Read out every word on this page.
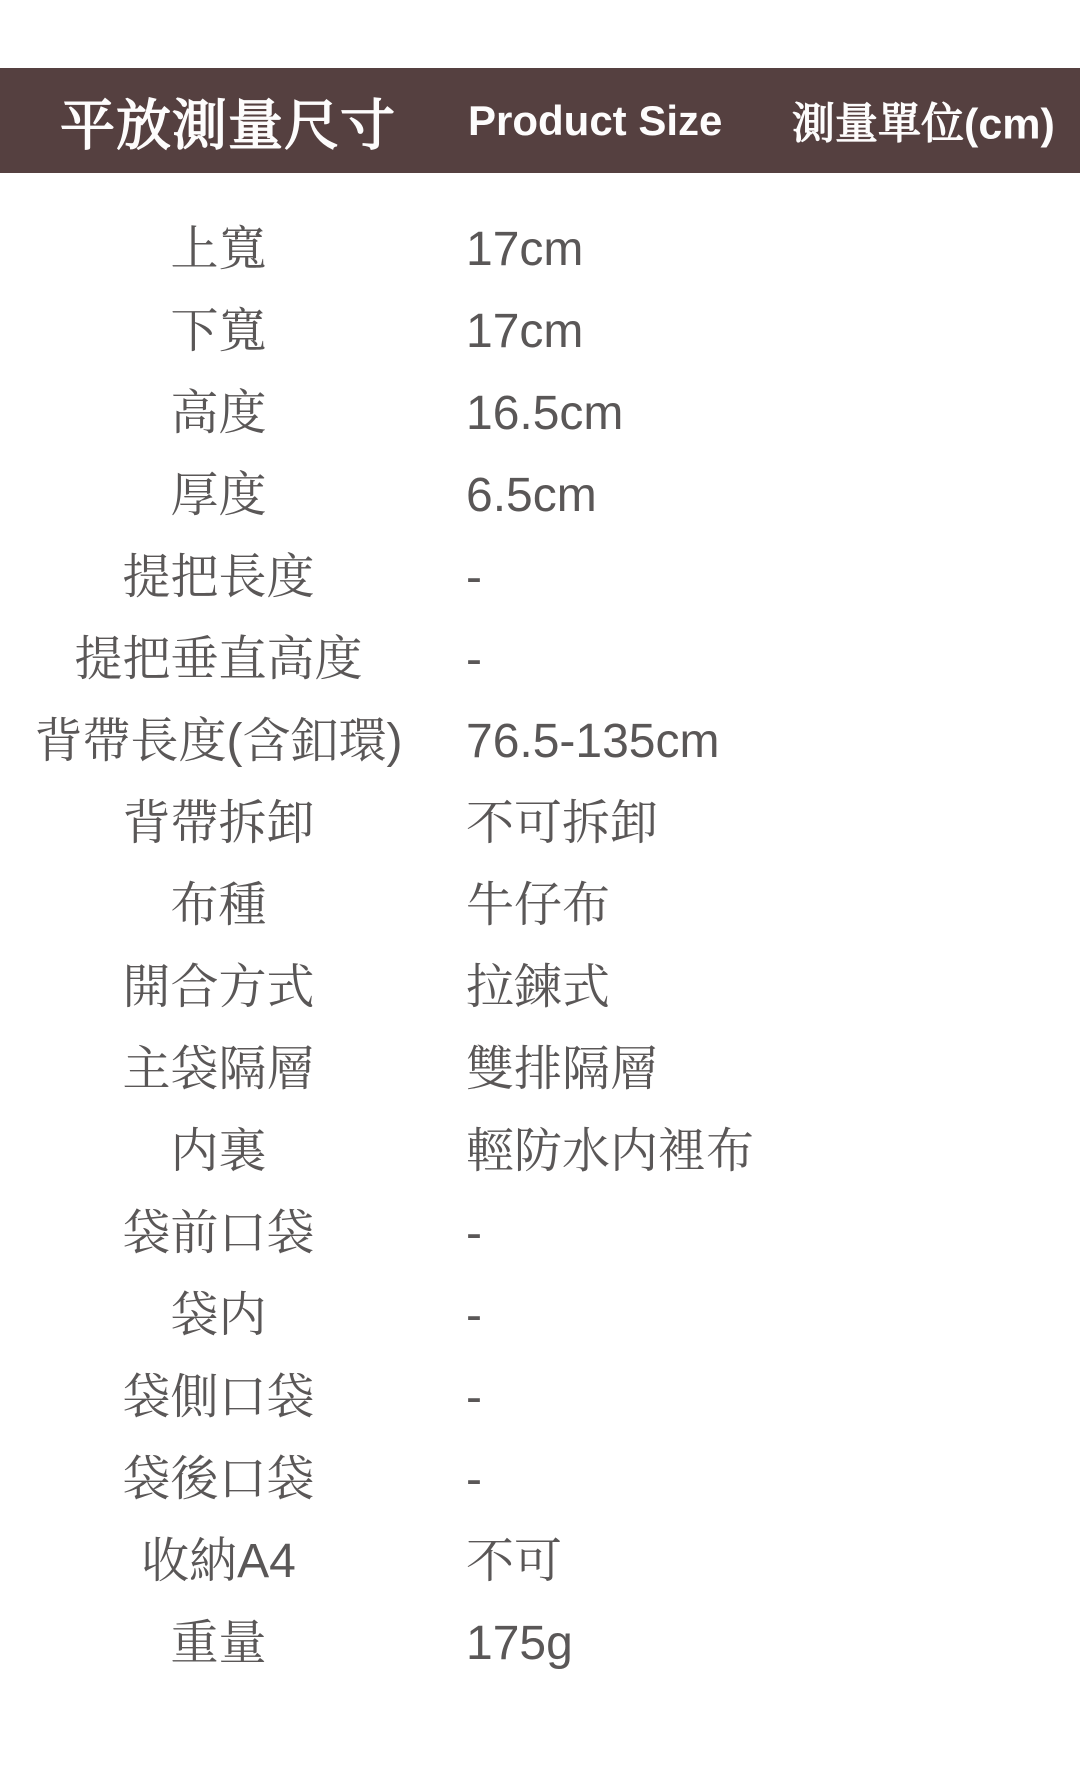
平放測量尺寸 Product Size 測量單位(cm)
上寬	17cm
下寬	17cm
高度	16.5cm
厚度	6.5cm
提把長度	-
提把垂直高度	-
背帶長度(含釦環)	76.5-135cm
背帶拆卸	不可拆卸
布種	牛仔布
開合方式	拉鍊式
主袋隔層	雙排隔層
内裏	輕防水内裡布
袋前口袋	-
袋内	-
袋側口袋	-
袋後口袋	-
收納A4	不可
重量	175g
